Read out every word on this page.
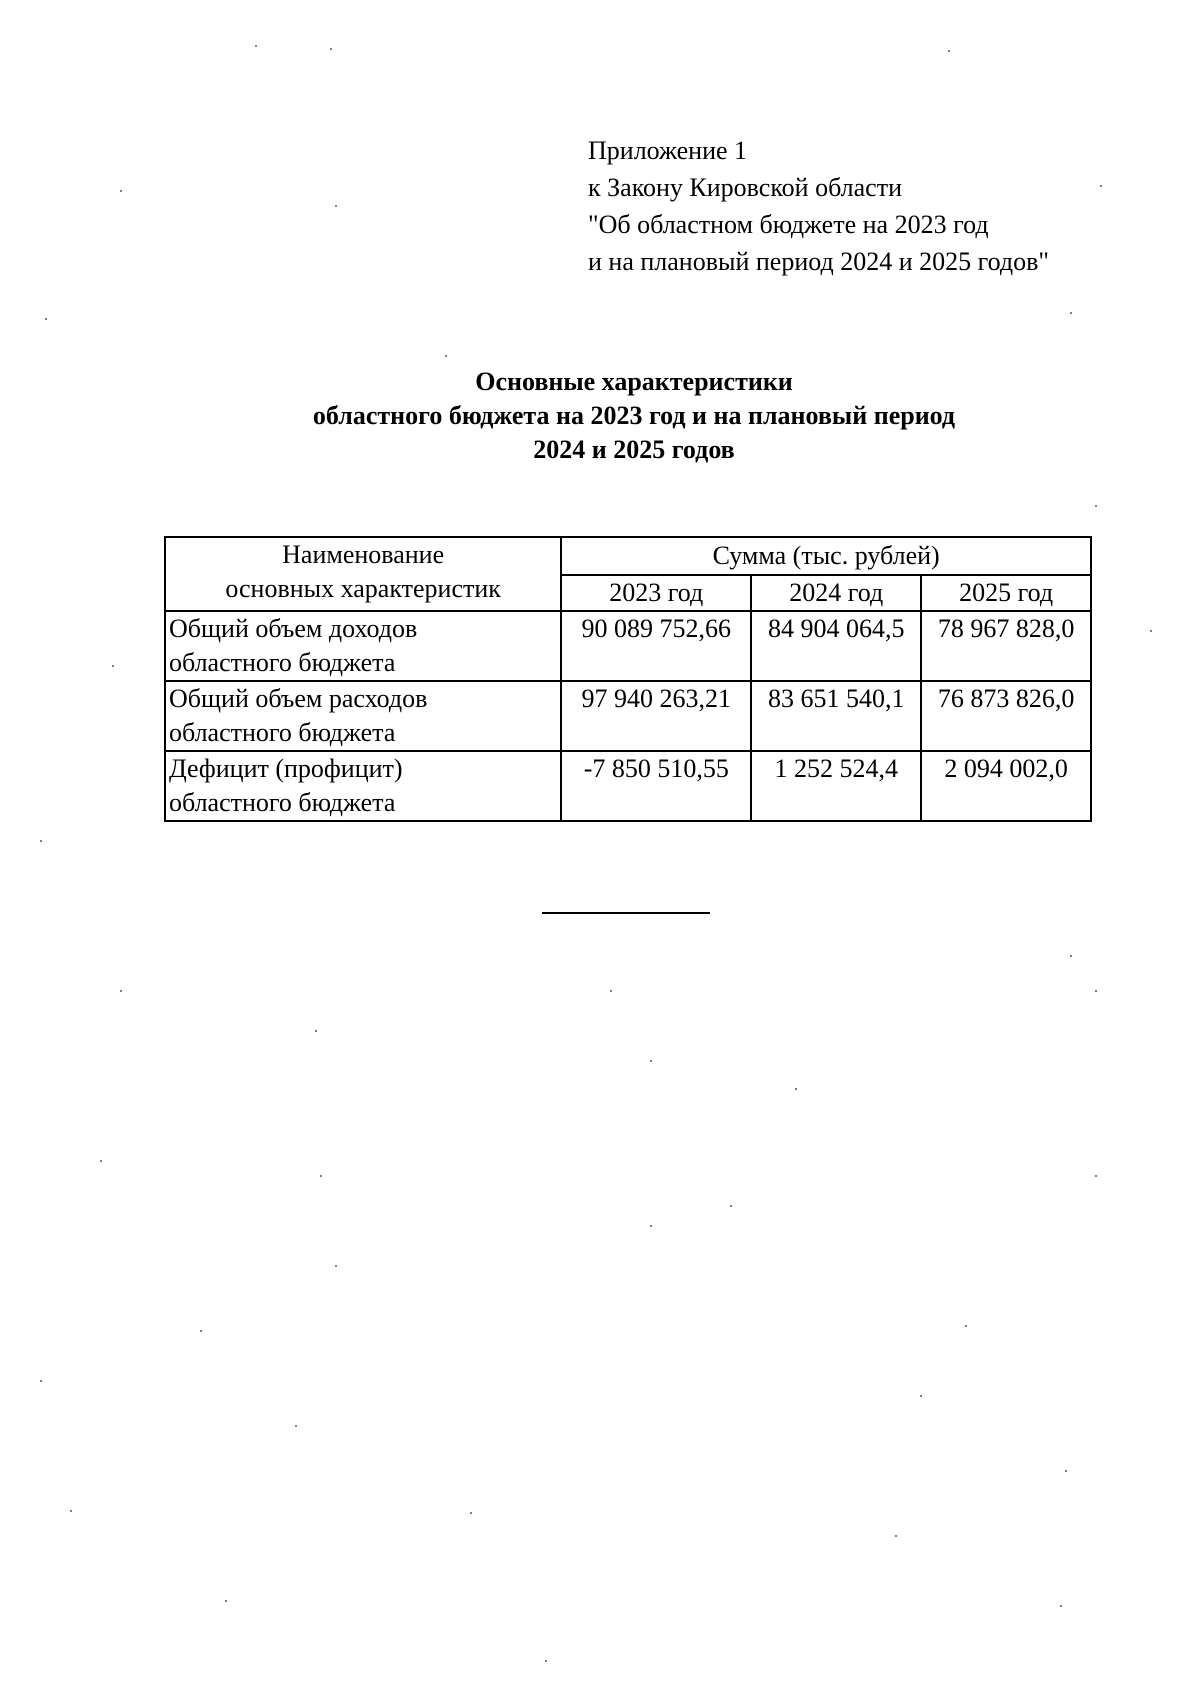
Приложение 1
к Закону Кировской области
"Об областном бюджете на 2023 год
и на плановый период 2024 и 2025 годов"
Основные характеристики
областного бюджета на 2023 год и на плановый период
2024 и 2025 годов
Наименование
основных характеристик	Сумма (тыс. рублей)		
	2023 год	2024 год	2025 год

Общий объем доходов
областного бюджета	90 089 752,66	84 904 064,5	78 967 828,0

Общий объем расходов
областного бюджета	97 940 263,21	83 651 540,1	76 873 826,0

Дефицит (профицит)
областного бюджета	-7 850 510,55	1 252 524,4	2 094 002,0
